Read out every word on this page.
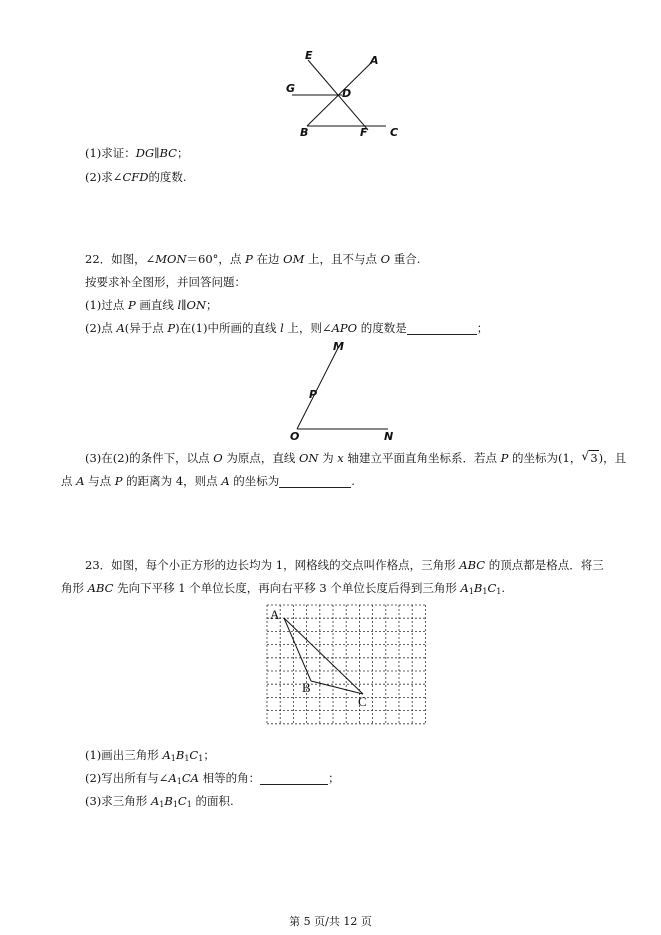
E	A
G	D
B	F C
(1)求证：DG∥BC；
(2)求∠CFD的度数.
22．如图，∠MON＝60°，点 P 在边 OM 上，且不与点 O 重合.
按要求补全图形，并回答问题：
(1)过点 P 画直线 l∥ON；
(2)点 A(异于点 P)在(1)中所画的直线 l 上，则∠APO 的度数是	；
M
P
O	N
(3)在(2)的条件下，以点 O 为原点，直线 ON 为 x 轴建立平面直角坐标系．若点 P 的坐标为(1， √ 3)，且
点 A 与点 P 的距离为 4，则点 A 的坐标为	.
23．如图，每个小正方形的边长均为 1，网格线的交点叫作格点，三角形 ABC 的顶点都是格点．将三
角形 ABC 先向下平移 1 个单位长度，再向右平移 3 个单位长度后得到三角形 $A_1B_1C_1$.
A
B
C
(1)画出三角形 $A_1B_1C_1$；
(2)写出所有与$\angle A_1CA$ 相等的角：	；
(3)求三角形 $A_1B_1C_1$ 的面积.
第 5 页/共 12 页
